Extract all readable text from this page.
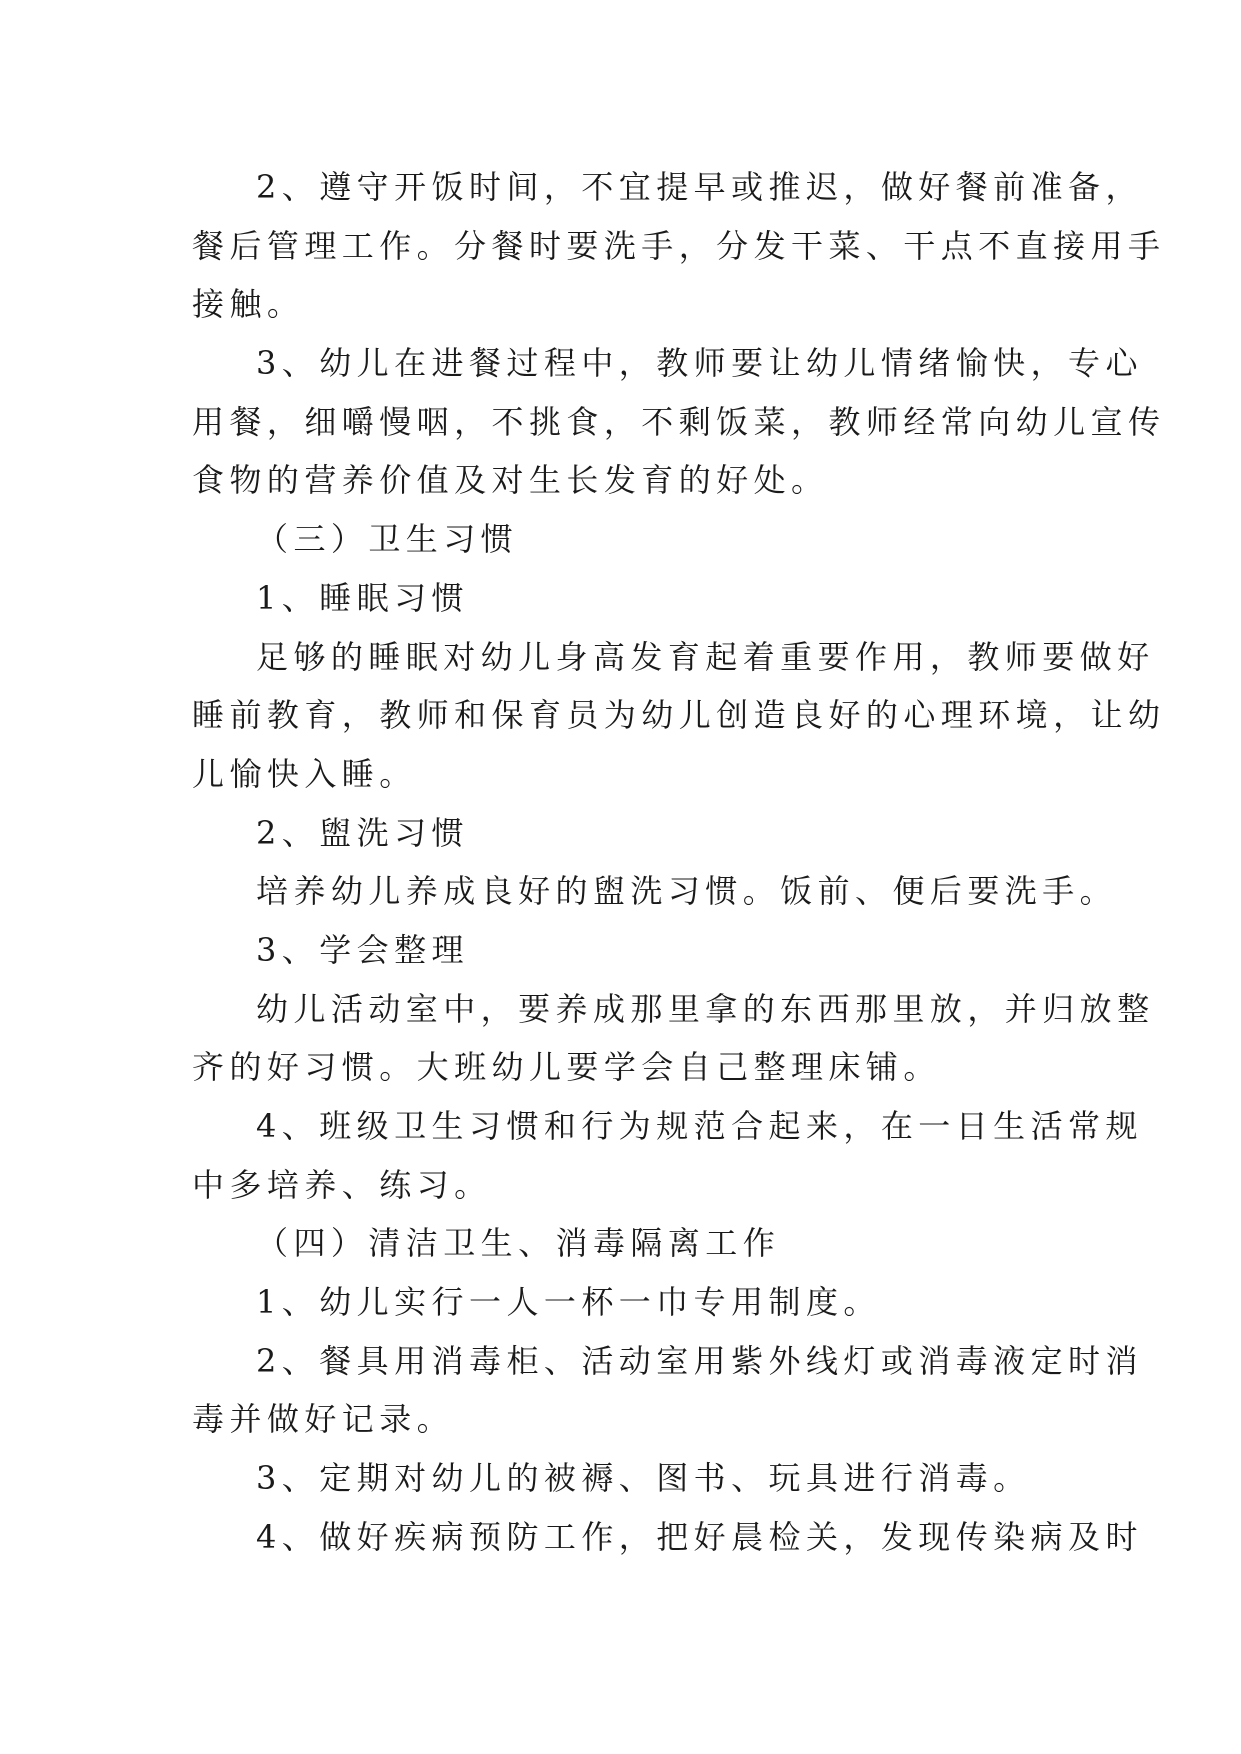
2、遵守开饭时间，不宜提早或推迟，做好餐前准备，
餐后管理工作。分餐时要洗手，分发干菜、干点不直接用手
接触。
3、幼儿在进餐过程中，教师要让幼儿情绪愉快，专心
用餐，细嚼慢咽，不挑食，不剩饭菜，教师经常向幼儿宣传
食物的营养价值及对生长发育的好处。
（三）卫生习惯
1、睡眠习惯
足够的睡眠对幼儿身高发育起着重要作用，教师要做好
睡前教育，教师和保育员为幼儿创造良好的心理环境，让幼
儿愉快入睡。
2、盥洗习惯
培养幼儿养成良好的盥洗习惯。饭前、便后要洗手。
3、学会整理
幼儿活动室中，要养成那里拿的东西那里放，并归放整
齐的好习惯。大班幼儿要学会自己整理床铺。
4、班级卫生习惯和行为规范合起来，在一日生活常规
中多培养、练习。
（四）清洁卫生、消毒隔离工作
1、幼儿实行一人一杯一巾专用制度。
2、餐具用消毒柜、活动室用紫外线灯或消毒液定时消
毒并做好记录。
3、定期对幼儿的被褥、图书、玩具进行消毒。
4、做好疾病预防工作，把好晨检关，发现传染病及时
